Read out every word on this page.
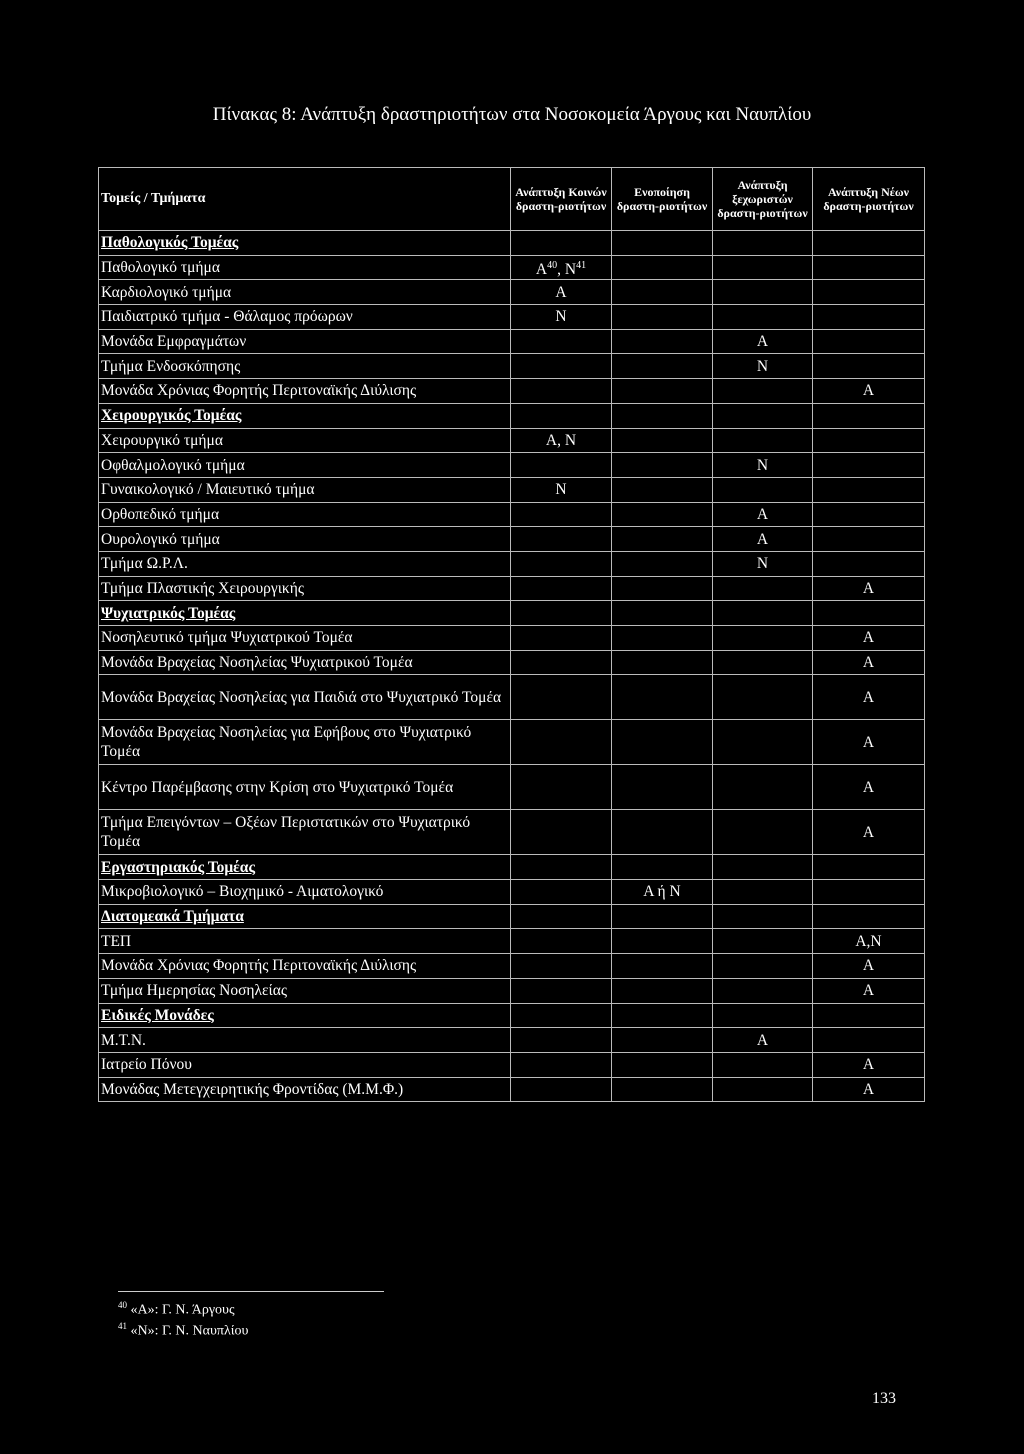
Πίνακας 8: Ανάπτυξη δραστηριοτήτων στα Νοσοκομεία Άργους και Ναυπλίου
Τομείς / Τμήματα	Ανάπτυξη Κοινών δραστη-ριοτήτων	Ενοποίηση δραστη-ριοτήτων	Ανάπτυξη ξεχωριστών δραστη-ριοτήτων	Ανάπτυξη Νέων δραστη-ριοτήτων
Παθολογικός Τομέας				
Παθολογικό τμήμα	$A^{40}$, $N^{41}$			
Καρδιολογικό τμήμα	Α			
Παιδιατρικό τμήμα - Θάλαμος πρόωρων	Ν			
Μονάδα Εμφραγμάτων			Α	
Τμήμα Ενδοσκόπησης			Ν	
Μονάδα Χρόνιας Φορητής Περιτοναϊκής Διύλισης				Α
Χειρουργικός Τομέας				
Χειρουργικό τμήμα	Α, Ν			
Οφθαλμολογικό τμήμα			Ν	
Γυναικολογικό / Μαιευτικό τμήμα	Ν			
Ορθοπεδικό τμήμα			Α	
Ουρολογικό τμήμα			Α	
Τμήμα Ω.Ρ.Λ.			Ν	
Τμήμα Πλαστικής Χειρουργικής				Α
Ψυχιατρικός Τομέας				
Νοσηλευτικό τμήμα Ψυχιατρικού Τομέα				Α
Μονάδα Βραχείας Νοσηλείας Ψυχιατρικού Τομέα				Α
Μονάδα Βραχείας Νοσηλείας για Παιδιά στο Ψυχιατρικό Τομέα				Α
Μονάδα Βραχείας Νοσηλείας για Εφήβους στο Ψυχιατρικό Τομέα				Α
Κέντρο Παρέμβασης στην Κρίση στο Ψυχιατρικό Τομέα				Α
Τμήμα Επειγόντων – Οξέων Περιστατικών στο Ψυχιατρικό Τομέα				Α
Εργαστηριακός Τομέας				
Μικροβιολογικό – Βιοχημικό - Αιματολογικό		Α ή Ν		
Διατομεακά Τμήματα				
ΤΕΠ				Α,Ν
Μονάδα Χρόνιας Φορητής Περιτοναϊκής Διύλισης				Α
Τμήμα Ημερησίας Νοσηλείας				Α
Ειδικές Μονάδες				
Μ.Τ.Ν.			Α	
Ιατρείο Πόνου				Α
Μονάδας Μετεγχειρητικής Φροντίδας (Μ.Μ.Φ.)				Α
$^{40}$ «Α»: Γ. Ν. Άργους
$^{41}$ «Ν»: Γ. Ν. Ναυπλίου
133
